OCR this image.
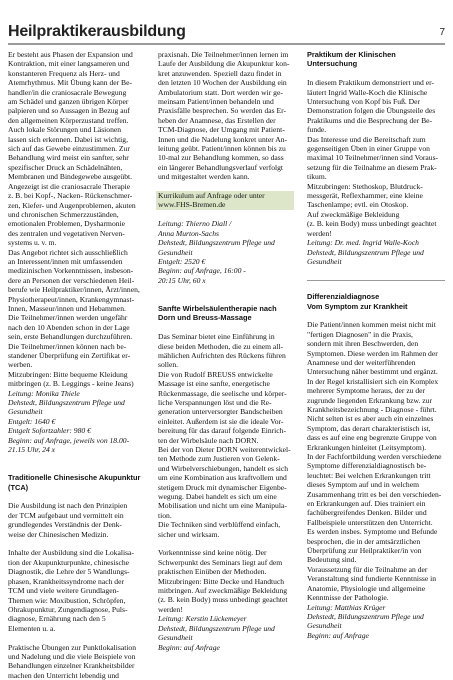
Heilpraktikerausbildung	7

Er besteht aus Phasen der Expansion und
Kontraktion, mit einer langsameren und
konstanteren Frequenz als Herz- und
Atemrhythmus. Mit Übung kann der Be-
handler/in die craniosacrale Bewegung
am Schädel und ganzen übrigen Körper
palpieren und so Aussagen in Bezug auf
den allgemeinen Körperzustand treffen.
Auch lokale Störungen und Läsionen
lassen sich erkennen. Dabei ist wichtig,
sich auf das Gewebe einzustimmen. Zur
Behandlung wird meist ein sanfter, sehr
spezifischer Druck an Schädelnähten,
Membranen und Bindegewebe ausgeübt.
Angezeigt ist die craniosacrale Therapie
z. B. bei Kopf-, Nacken- Rückenschmer-
zen, Kiefer- und Augenproblemen, akuten
und chronischen Schmerzzuständen,
emotionalen Problemen, Dysharmonie
des zentralen und vegetativen Nerven-
systems u. v. m.

Das Angebot richtet sich ausschließlich
an Interessent/innen mit umfassenden
medizinischen Vorkenntnissen, insbeson-
dere an Personen der verschiedenen Heil-
berufe wie Heilpraktiker/innen, Ärzt/innen,
Physiotherapeut/innen, Krankengymnast-
Innen, Masseur/innen und Hebammen.
Die Teilnehmer/innen werden ungefähr
nach den 10 Abenden schon in der Lage
sein, erste Behandlungen durchzuführen.
Die Teilnehmer/innen können nach be-
standener Überprüfung ein Zertifikat er-
werben.

Mitzubringen: Bitte bequeme Kleidung
mitbringen (z. B. Leggings - keine Jeans)

Leitung: Monika Thiele
Dehstedt, Bildungszentrum Pflege und
Gesundheit
Entgelt: 1640 €
Entgelt Sofortzahler: 980 €
Beginn: auf Anfrage, jeweils von 18.00-
21.15 Uhr, 24 x

Traditionelle Chinesische Akupunktur
(TCA)

Die Ausbildung ist nach den Prinzipien
der TCM aufgebaut und vermittelt ein
grundlegendes Verständnis der Denk-
weise der Chinesischen Medizin.

Inhalte der Ausbildung sind die Lokalisa-
tion der Akupunkturpunkte, chinesische
Diagnostik, die Lehre der 5 Wandlungs-
phasen, Krankheitssyndrome nach der
TCM und viele weitere Grundlagen-
Themen wie: Moxibustion, Schröpfen,
Ohrakupunktur, Zungendiagnose, Puls-
diagnose, Ernährung nach den 5
Elementen u. a.

Praktische Übungen zur Punktlokalisation
und Nadelung und die viele Beispiele von
Behandlungen einzelner Krankheitsbilder
machen den Unterricht lebendig und

praxisnah. Die Teilnehmer/innen lernen im
Laufe der Ausbildung die Akupunktur kon-
kret anzuwenden. Speziell dazu findet in
den letzten 10 Wochen der Ausbildung ein
Ambulatorium statt. Dort werden wir ge-
meinsam Patient/innen behandeln und
Praxisfälle besprechen. So werden das Er-
heben der Anamnese, das Erstellen der
TCM-Diagnose, der Umgang mit Patient-
Innen und die Nadelung konkret unter An-
leitung geübt. Patient/innen können bis zu
10-mal zur Behandlung kommen, so dass
ein längerer Behandlungsverlauf verfolgt
und mitgestaltet werden kann.

Kurrikulum auf Anfrage oder unter
www.FHS-Bremen.de

Leitung: Thierno Diall /
Anna Murton-Sachs
Dehstedt, Bildungszentrum Pflege und
Gesundheit
Entgelt: 2520 €
Beginn: auf Anfrage, 16:00 -
20:15 Uhr, 60 x

Sanfte Wirbelsäulentherapie nach
Dorn und Breuss-Massage

Das Seminar bietet eine Einführung in
diese beiden Methoden, die zu einem all-
mählichen Aufrichten des Rückens führen
sollen.

Die von Rudolf BREUSS entwickelte
Massage ist eine sanfte, energetische
Rückenmassage, die seelische und körper-
liche Verspannungen löst und die Re-
generation unterversorgter Bandscheiben
einleitet. Außerdem ist sie die ideale Vor-
bereitung für das darauf folgende Einrich-
ten der Wirbelsäule nach DORN.
Bei der von Dieter DORN weiterentwickel-
ten Methode zum Justieren von Gelenk-
und Wirbelverschiebungen, handelt es sich
um eine Kombination aus kraftvollem und
stetigem Druck mit dynamischer Eigenbe-
wegung. Dabei handelt es sich um eine
Mobilisation und nicht um eine Manipula-
tion.
Die Techniken sind verblüffend einfach,
sicher und wirksam.

Vorkenntnisse sind keine nötig. Der
Schwerpunkt des Seminars liegt auf dem
praktischen Einüben der Methoden.
Mitzubringen: Bitte Decke und Handtuch
mitbringen. Auf zweckmäßige Bekleidung
(z. B. kein Body) muss unbedingt geachtet
werden!

Leitung: Kerstin Lückemeyer
Dehstedt, Bildungszentrum Pflege und
Gesundheit
Beginn: auf Anfrage

Praktikum der Klinischen Untersuchung

In diesem Praktikum demonstriert und er-
läutert Ingrid Walle-Koch die Klinische
Untersuchung von Kopf bis Fuß. Der
Demonstration folgen die Übungsteile des
Praktikums und die Besprechung der Be-
funde.
Das Interesse und die Bereitschaft zum
gegenseitigen Üben in einer Gruppe von
maximal 10 Teilnehmer/innen sind Voraus-
setzung für die Teilnahme an diesem Prak-
tikum.
Mitzubringen: Stethoskop, Blutdruck-
messgerät, Reflexhammer, eine kleine
Taschenlampe; evtl. ein Otoskop.
Auf zweckmäßige Bekleidung
(z. B. kein Body) muss unbedingt geachtet
werden!

Leitung: Dr. med. Ingrid Walle-Koch
Dehstedt, Bildungszentrum Pflege und
Gesundheit

Differenzialdiagnose
Vom Symptom zur Krankheit

Die Patient/innen kommen meist nicht mit
"fertigen Diagnosen" in die Praxis,
sondern mit ihren Beschwerden, den
Symptomen. Diese werden im Rahmen der
Anamnese und der weiterführenden
Untersuchung näher bestimmt und ergänzt.
In der Regel kristallisiert sich ein Komplex
mehrerer Symptome heraus, der zu der
zugrunde liegenden Erkrankung bzw. zur
Krankheitsbezeichnung - Diagnose - führt.
Nicht selten ist es aber auch ein einzelnes
Symptom, das derart charakteristisch ist,
dass es auf eine eng begrenzte Gruppe von
Erkrankungen hinleitet (Leitsymptom).
In der Fachfortbildung werden verschiedene
Symptome differenzialdiagnostisch be-
leuchtet: Bei welchen Erkrankungen tritt
dieses Symptom auf und in welchem
Zusammenhang tritt es bei den verschieden-
en Erkrankungen auf. Dies trainiert ein
fachübergreifendes Denken. Bilder und
Fallbeispiele unterstützen den Unterricht.
Es werden insbes. Symptome und Befunde
besprochen, die in der amtsärztlichen
Überprüfung zur Heilpraktiker/in von
Bedeutung sind.
Voraussetzung für die Teilnahme an der
Veranstaltung sind fundierte Kenntnisse in
Anatomie, Physiologie und allgemeine
Kenntnisse der Pathologie.

Leitung: Matthias Krüger
Dehstedt, Bildungszentrum Pflege und
Gesundheit
Beginn: auf Anfrage
